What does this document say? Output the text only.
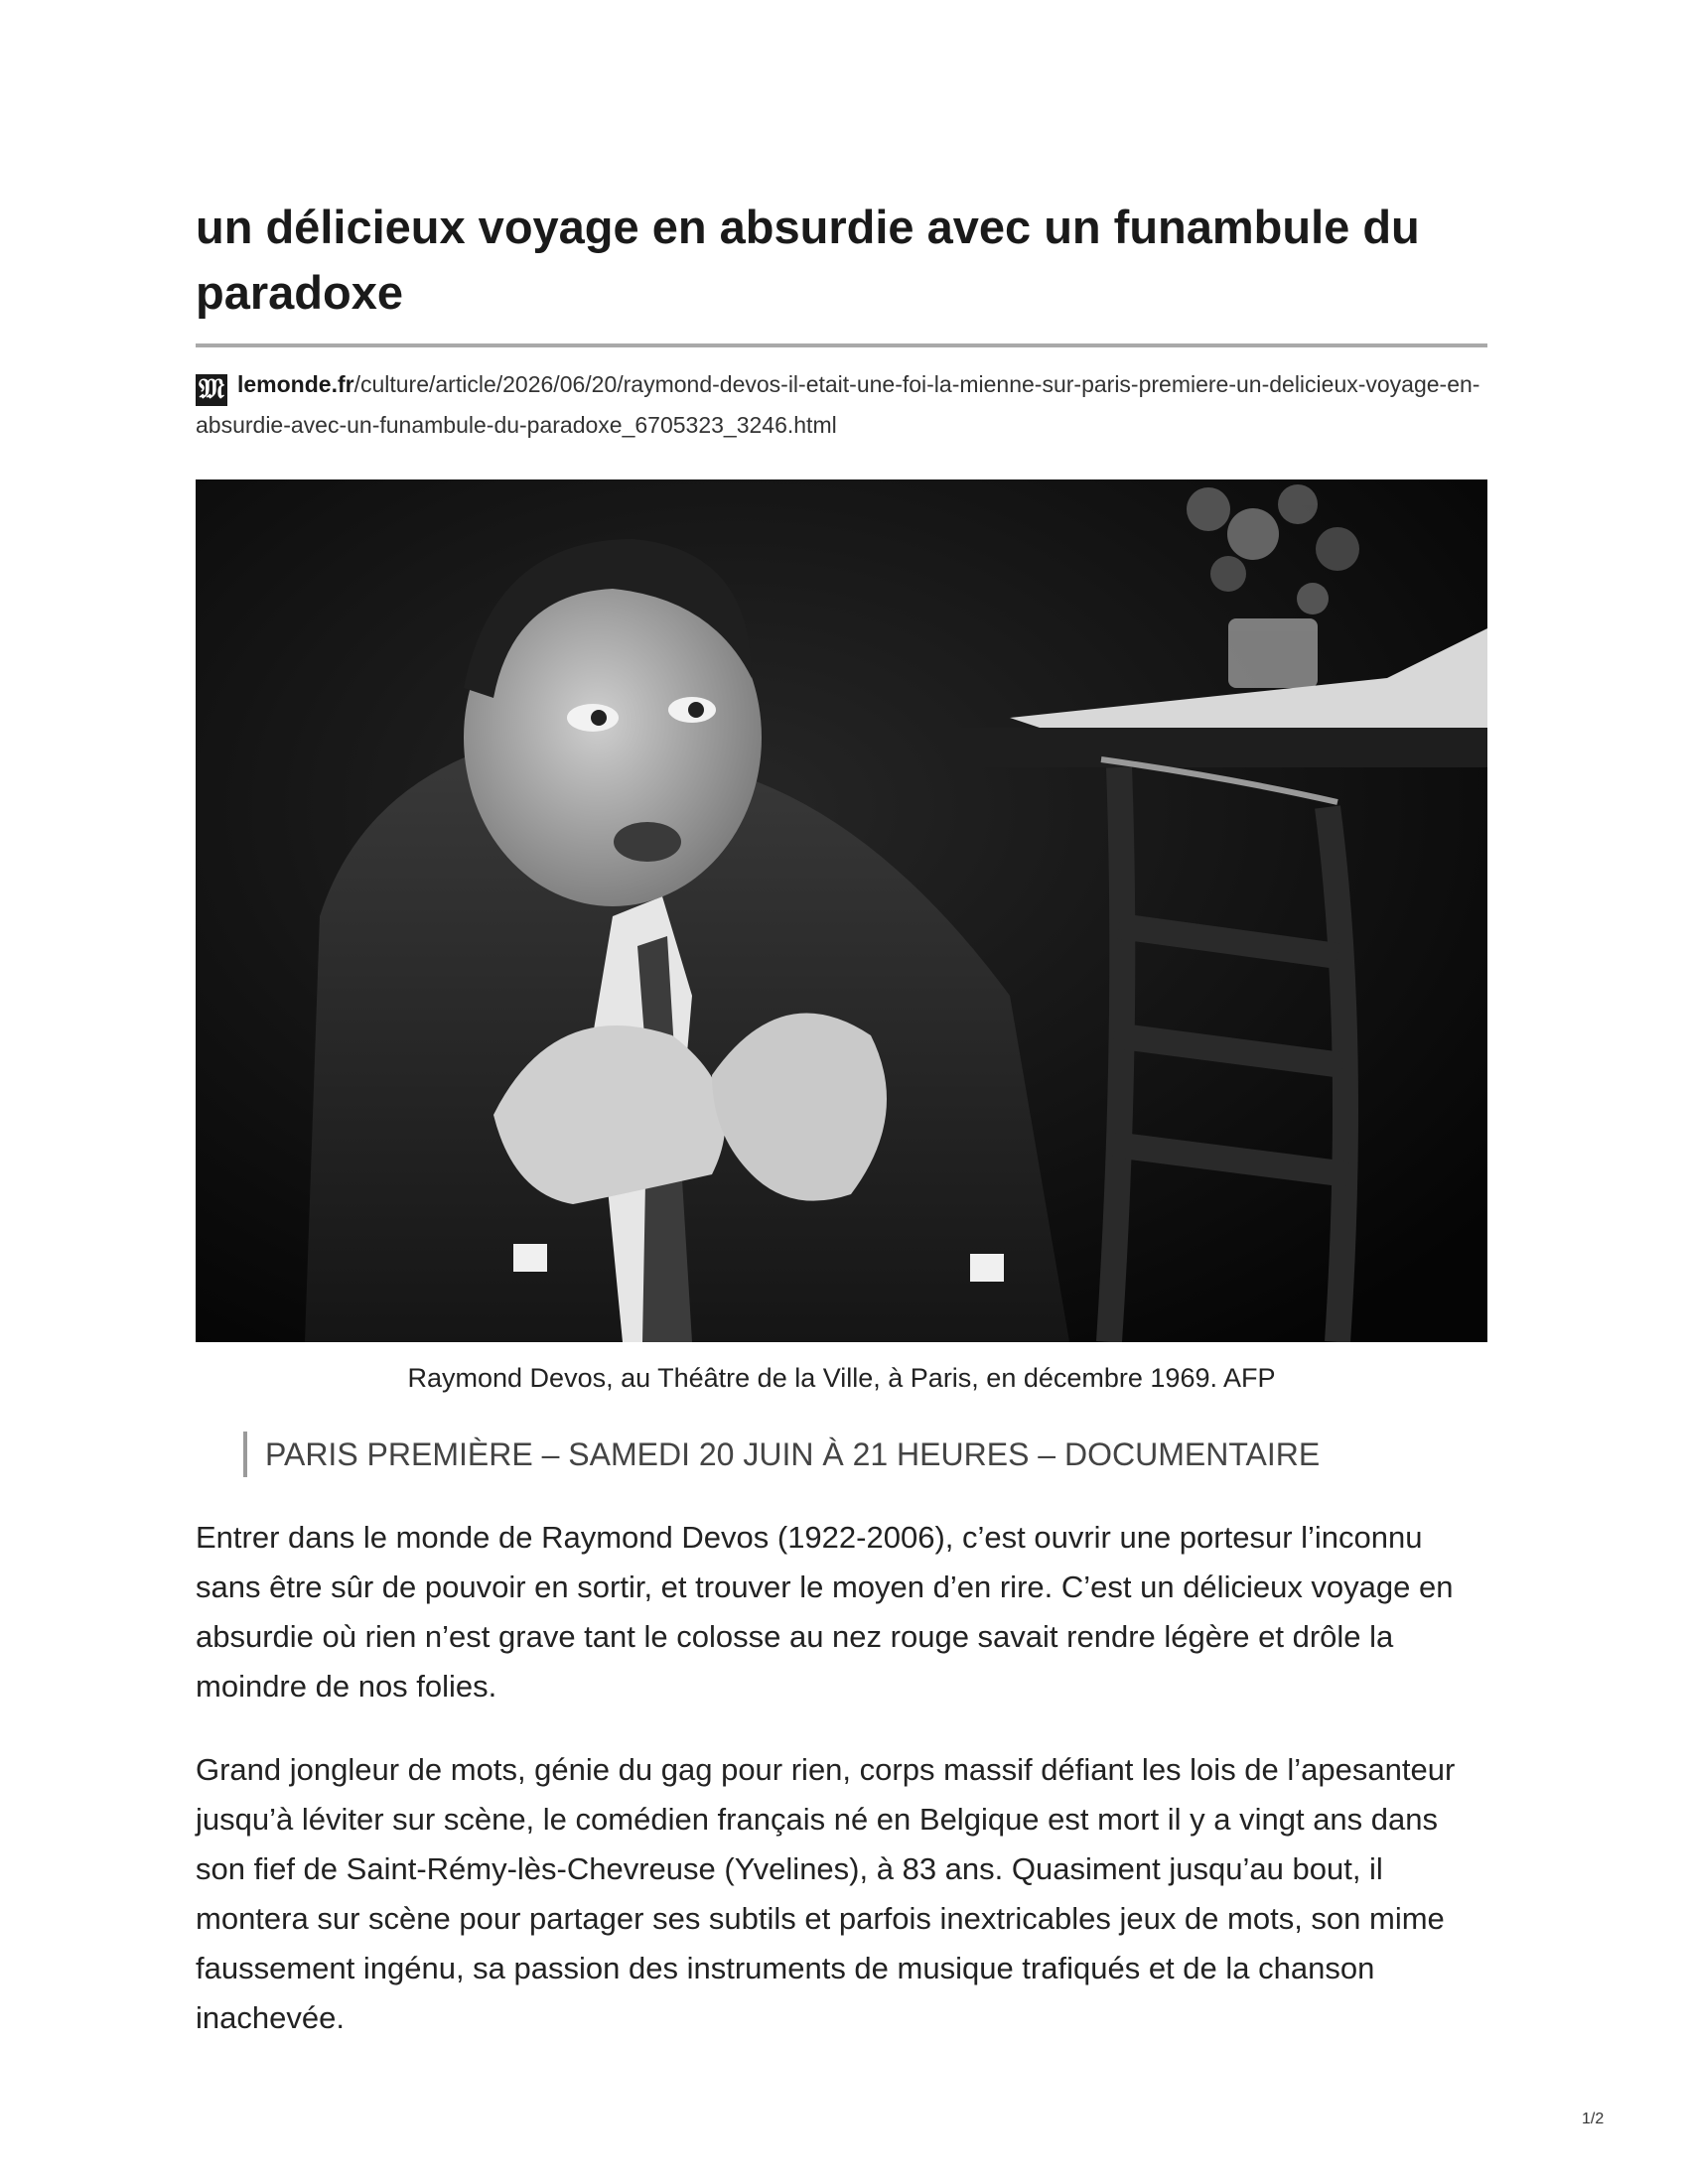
un délicieux voyage en absurdie avec un funambule du paradoxe
𝔐 lemonde.fr/culture/article/2026/06/20/raymond-devos-il-etait-une-foi-la-mienne-sur-paris-premiere-un-delicieux-voyage-en-absurdie-avec-un-funambule-du-paradoxe_6705323_3246.html
Raymond Devos, au Théâtre de la Ville, à Paris, en décembre 1969. AFP
PARIS PREMIÈRE – SAMEDI 20 JUIN À 21 HEURES – DOCUMENTAIRE

Entrer dans le monde de Raymond Devos (1922-2006), c’est ouvrir une portesur l’inconnu sans être sûr de pouvoir en sortir, et trouver le moyen d’en rire. C’est un délicieux voyage en absurdie où rien n’est grave tant le colosse au nez rouge savait rendre légère et drôle la moindre de nos folies.

Grand jongleur de mots, génie du gag pour rien, corps massif défiant les lois de l’apesanteur jusqu’à léviter sur scène, le comédien français né en Belgique est mort il y a vingt ans dans son fief de Saint-Rémy-lès-Chevreuse (Yvelines), à 83 ans. Quasiment jusqu’au bout, il montera sur scène pour partager ses subtils et parfois inextricables jeux de mots, son mime faussement ingénu, sa passion des instruments de musique trafiqués et de la chanson inachevée.

1/2
